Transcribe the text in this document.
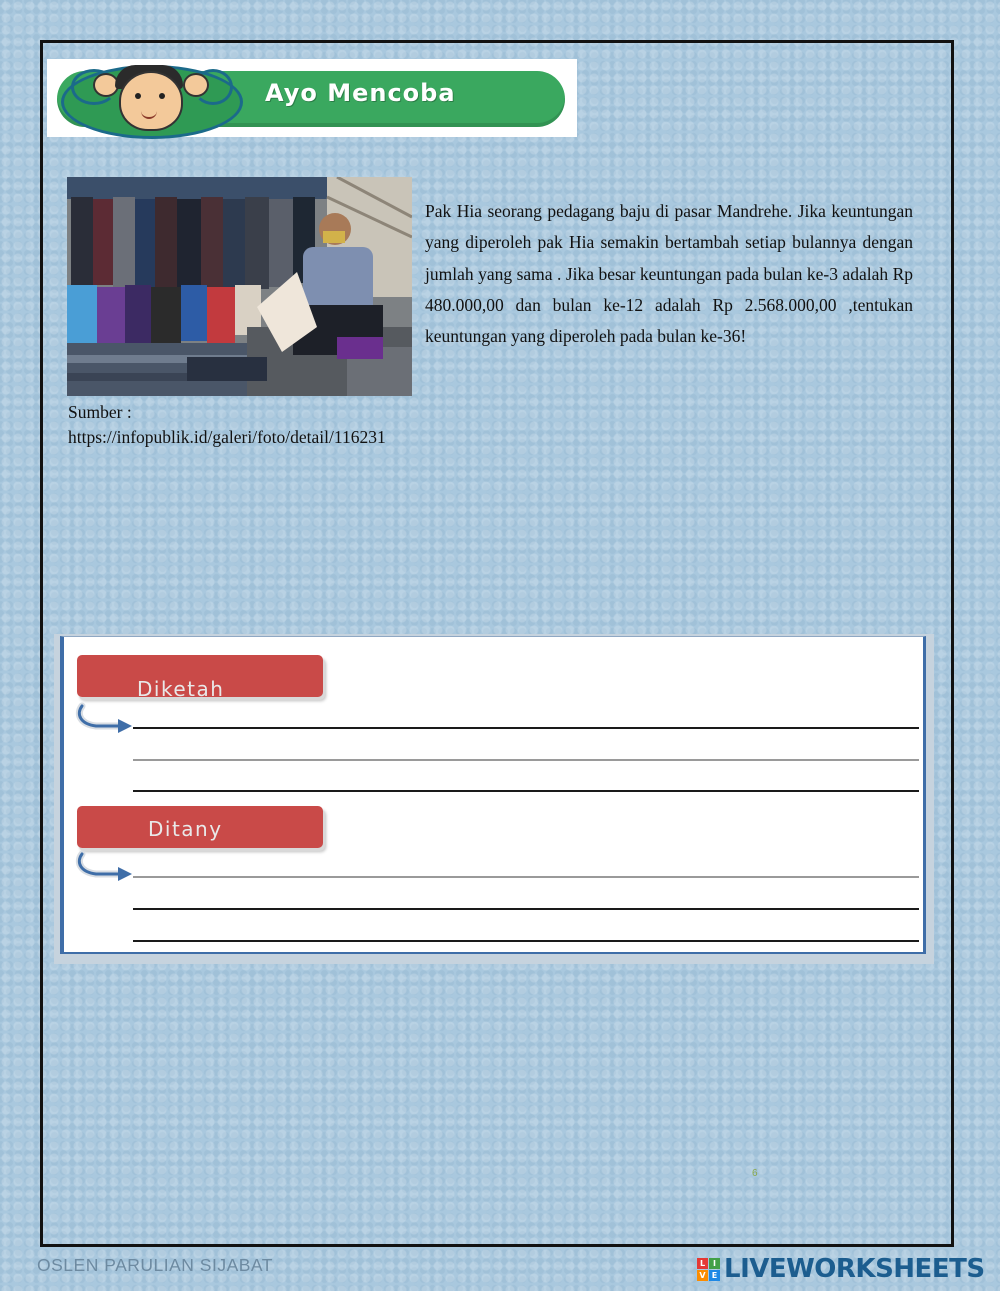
Ayo Mencoba
Pak Hia seorang pedagang baju di pasar Mandrehe. Jika keuntungan yang diperoleh pak Hia semakin bertambah setiap bulannya dengan jumlah yang sama . Jika besar keuntungan pada bulan ke-3 adalah Rp 480.000,00 dan bulan ke-12 adalah Rp 2.568.000,00 ,tentukan keuntungan yang diperoleh pada bulan ke-36!
Sumber :
https://infopublik.id/galeri/foto/detail/116231
Diketah
Ditany
6
OSLEN PARULIAN SIJABAT	L I
V E LIVEWORKSHEETS
